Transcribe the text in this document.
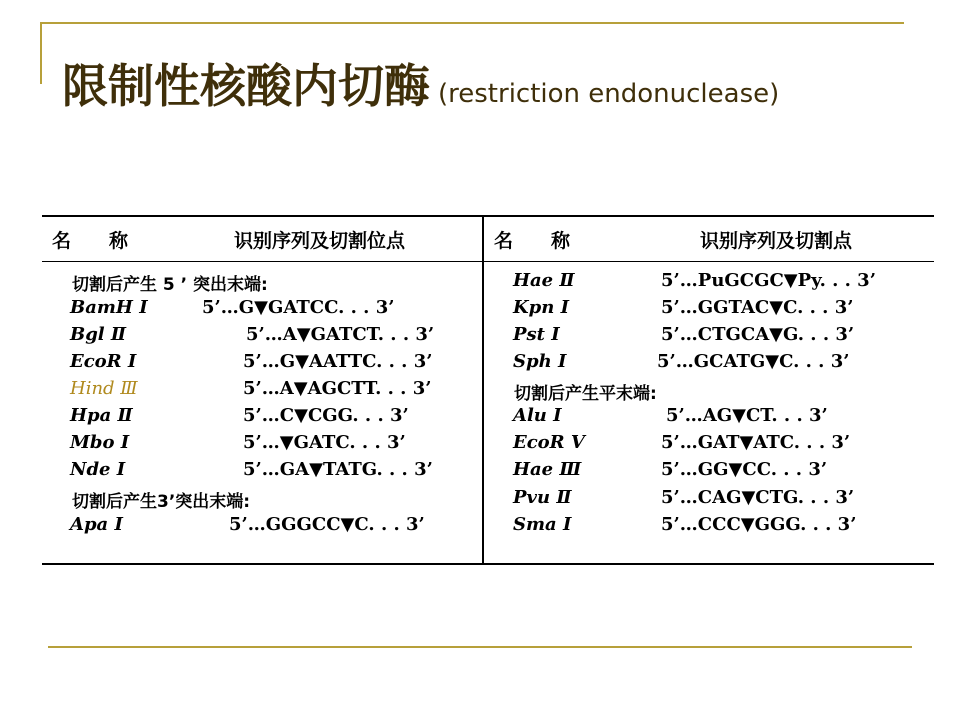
限制性核酸内切酶 (restriction endonuclease)
名　　称	识别序列及切割位点	名　　称	识别序列及切割点
切割后产生 5 ’ 突出末端:
BamH Ⅰ	5’…G▼GATCC. . . 3’
Bgl Ⅱ	5’…A▼GATCT. . . 3’
EcoR Ⅰ	5’…G▼AATTC. . . 3’
Hind Ⅲ	5’…A▼AGCTT. . . 3’
Hpa Ⅱ	5’…C▼CGG. . . 3’
Mbo Ⅰ	5’…▼GATC. . . 3’
Nde Ⅰ	5’…GA▼TATG. . . 3’
切割后产生3’突出末端:
Apa Ⅰ	5’…GGGCC▼C. . . 3’
Hae Ⅱ	5’…PuGCGC▼Py. . . 3’
Kpn Ⅰ	5’…GGTAC▼C. . . 3’
Pst Ⅰ	5’…CTGCA▼G. . . 3’
Sph Ⅰ	5’…GCATG▼C. . . 3’
切割后产生平末端:
Alu Ⅰ	5’…AG▼CT. . . 3’
EcoR Ⅴ	5’…GAT▼ATC. . . 3’
Hae Ⅲ	5’…GG▼CC. . . 3’
Pvu Ⅱ	5’…CAG▼CTG. . . 3’
Sma Ⅰ	5’…CCC▼GGG. . . 3’
